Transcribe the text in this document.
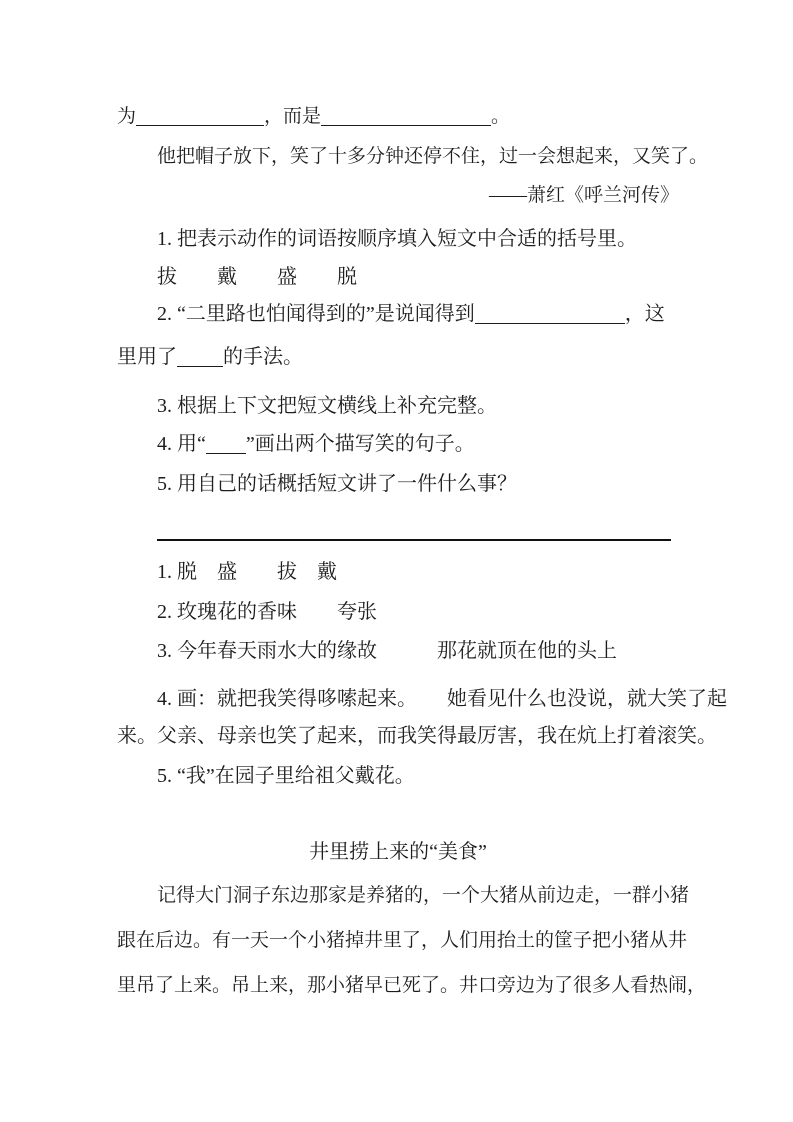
为	，而是	。
他把帽子放下，笑了十多分钟还停不住，过一会想起来，又笑了。
——萧红《呼兰河传》
1. 把表示动作的词语按顺序填入短文中合适的括号里。
拔　　戴　　盛　　脱
2. “二里路也怕闻得到的”是说闻得到	，这
里用了 的手法。
3. 根据上下文把短文横线上补充完整。
4. 用“ ”画出两个描写笑的句子。
5. 用自己的话概括短文讲了一件什么事？
1. 脱　盛　　拔　戴
2. 玫瑰花的香味　　夸张
3. 今年春天雨水大的缘故　　　那花就顶在他的头上
4. 画：就把我笑得哆嗦起来。　　她看见什么也没说，就大笑了起
来。父亲、母亲也笑了起来，而我笑得最厉害，我在炕上打着滚笑。
5. “我”在园子里给祖父戴花。
井里捞上来的“美食”
记得大门洞子东边那家是养猪的，一个大猪从前边走，一群小猪
跟在后边。有一天一个小猪掉井里了，人们用抬土的筐子把小猪从井
里吊了上来。吊上来，那小猪早已死了。井口旁边为了很多人看热闹，
